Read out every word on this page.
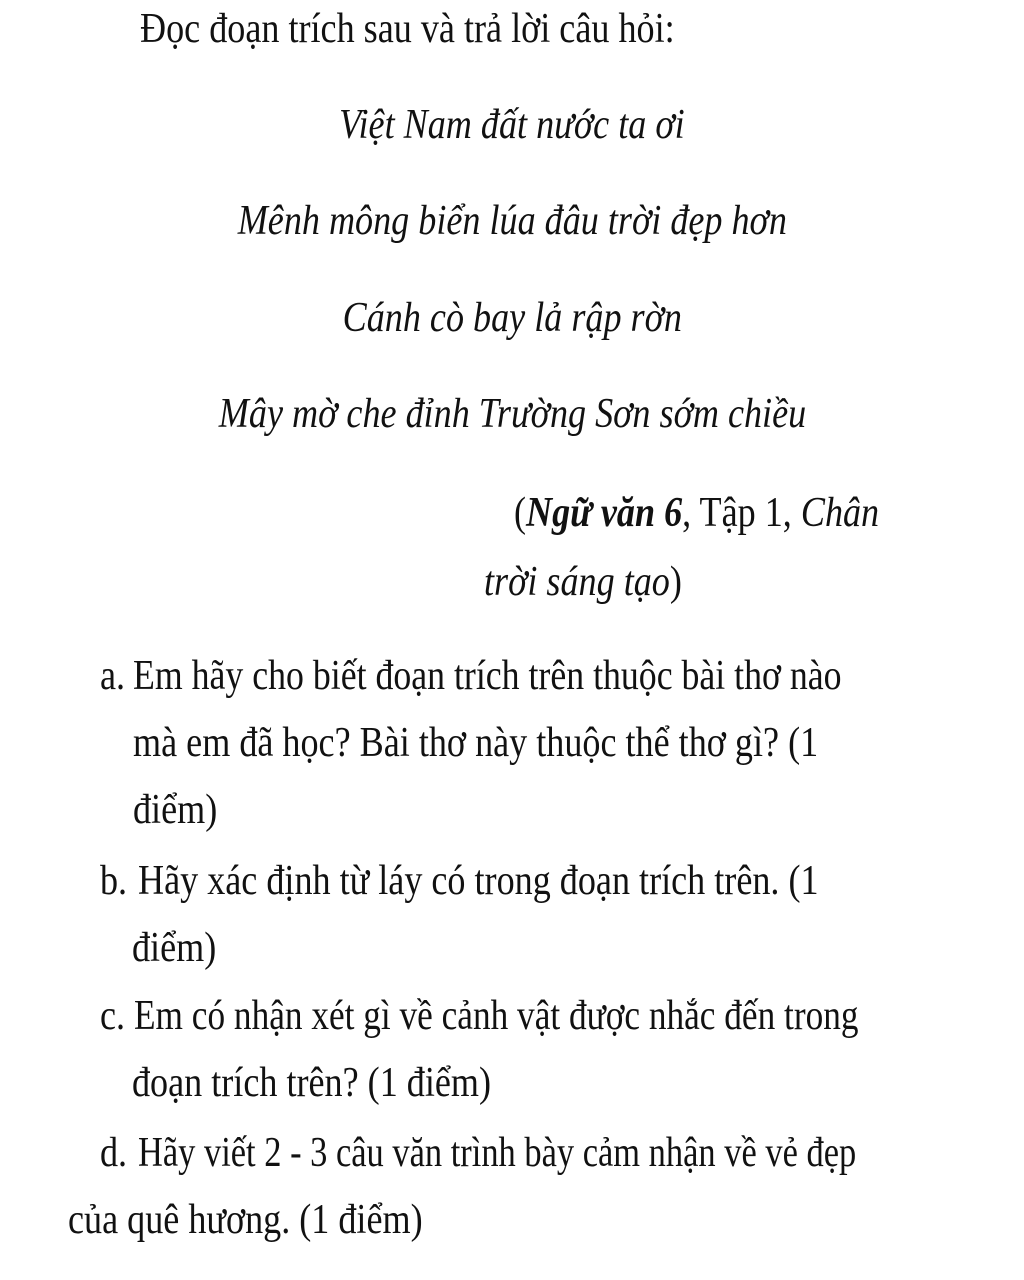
Đọc đoạn trích sau và trả lời câu hỏi:
Việt Nam đất nước ta ơi
Mênh mông biển lúa đâu trời đẹp hơn
Cánh cò bay lả rập rờn
Mây mờ che đỉnh Trường Sơn sớm chiều
(Ngữ văn 6, Tập 1, Chân
trời sáng tạo)
a. Em hãy cho biết đoạn trích trên thuộc bài thơ nào
mà em đã học? Bài thơ này thuộc thể thơ gì? (1
điểm)
b. Hãy xác định từ láy có trong đoạn trích trên. (1
điểm)
c. Em có nhận xét gì về cảnh vật được nhắc đến trong
đoạn trích trên? (1 điểm)
d. Hãy viết 2 - 3 câu văn trình bày cảm nhận về vẻ đẹp
của quê hương. (1 điểm)
